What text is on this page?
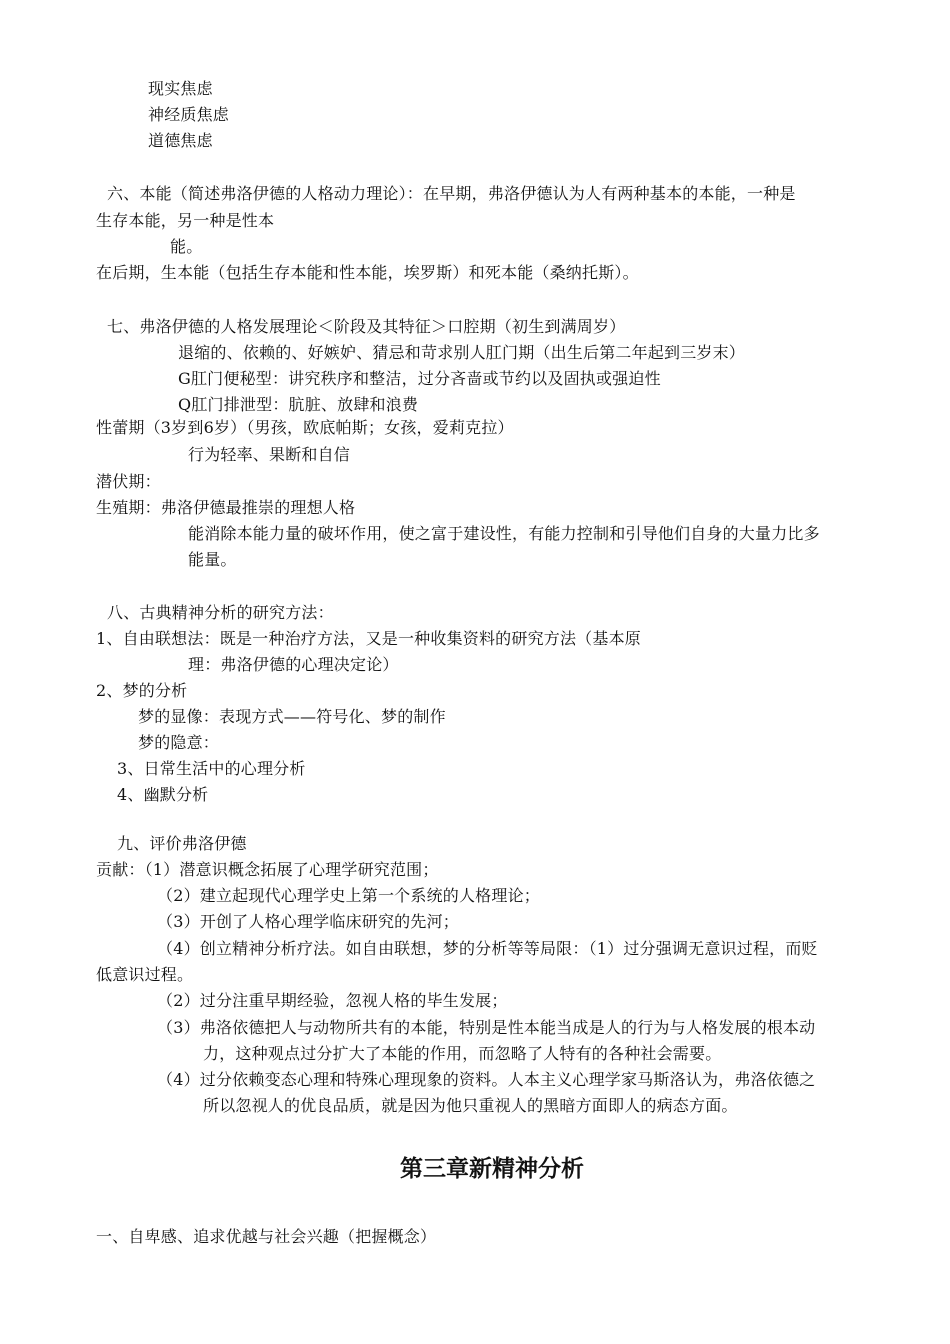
现实焦虑
神经质焦虑
道德焦虑
六、本能（简述弗洛伊德的人格动力理论）：在早期，弗洛伊德认为人有两种基本的本能，一种是
生存本能，另一种是性本
能。
在后期，生本能（包括生存本能和性本能，埃罗斯）和死本能（桑纳托斯）。
七、弗洛伊德的人格发展理论＜阶段及其特征＞口腔期（初生到满周岁）
退缩的、依赖的、好嫉妒、猜忌和苛求别人肛门期（出生后第二年起到三岁末）
G肛门便秘型：讲究秩序和整洁，过分吝啬或节约以及固执或强迫性
Q肛门排泄型：肮脏、放肆和浪费
性蕾期（3岁到6岁）（男孩，欧底帕斯；女孩，爱莉克拉）
行为轻率、果断和自信
潜伏期：
生殖期：弗洛伊德最推崇的理想人格
能消除本能力量的破坏作用，使之富于建设性，有能力控制和引导他们自身的大量力比多
能量。
八、古典精神分析的研究方法：
1、自由联想法：既是一种治疗方法，又是一种收集资料的研究方法（基本原
理：弗洛伊德的心理决定论）
2、梦的分析
梦的显像：表现方式——符号化、梦的制作
梦的隐意：
3、日常生活中的心理分析
4、幽默分析
九、评价弗洛伊德
贡献：（1）潜意识概念拓展了心理学研究范围；
（2）建立起现代心理学史上第一个系统的人格理论；
（3）开创了人格心理学临床研究的先河；
（4）创立精神分析疗法。如自由联想，梦的分析等等局限：（1）过分强调无意识过程，而贬
低意识过程。
（2）过分注重早期经验，忽视人格的毕生发展；
（3）弗洛依德把人与动物所共有的本能，特别是性本能当成是人的行为与人格发展的根本动
力，这种观点过分扩大了本能的作用，而忽略了人特有的各种社会需要。
（4）过分依赖变态心理和特殊心理现象的资料。人本主义心理学家马斯洛认为，弗洛依德之
所以忽视人的优良品质，就是因为他只重视人的黑暗方面即人的病态方面。
第三章新精神分析
一、自卑感、追求优越与社会兴趣（把握概念）
